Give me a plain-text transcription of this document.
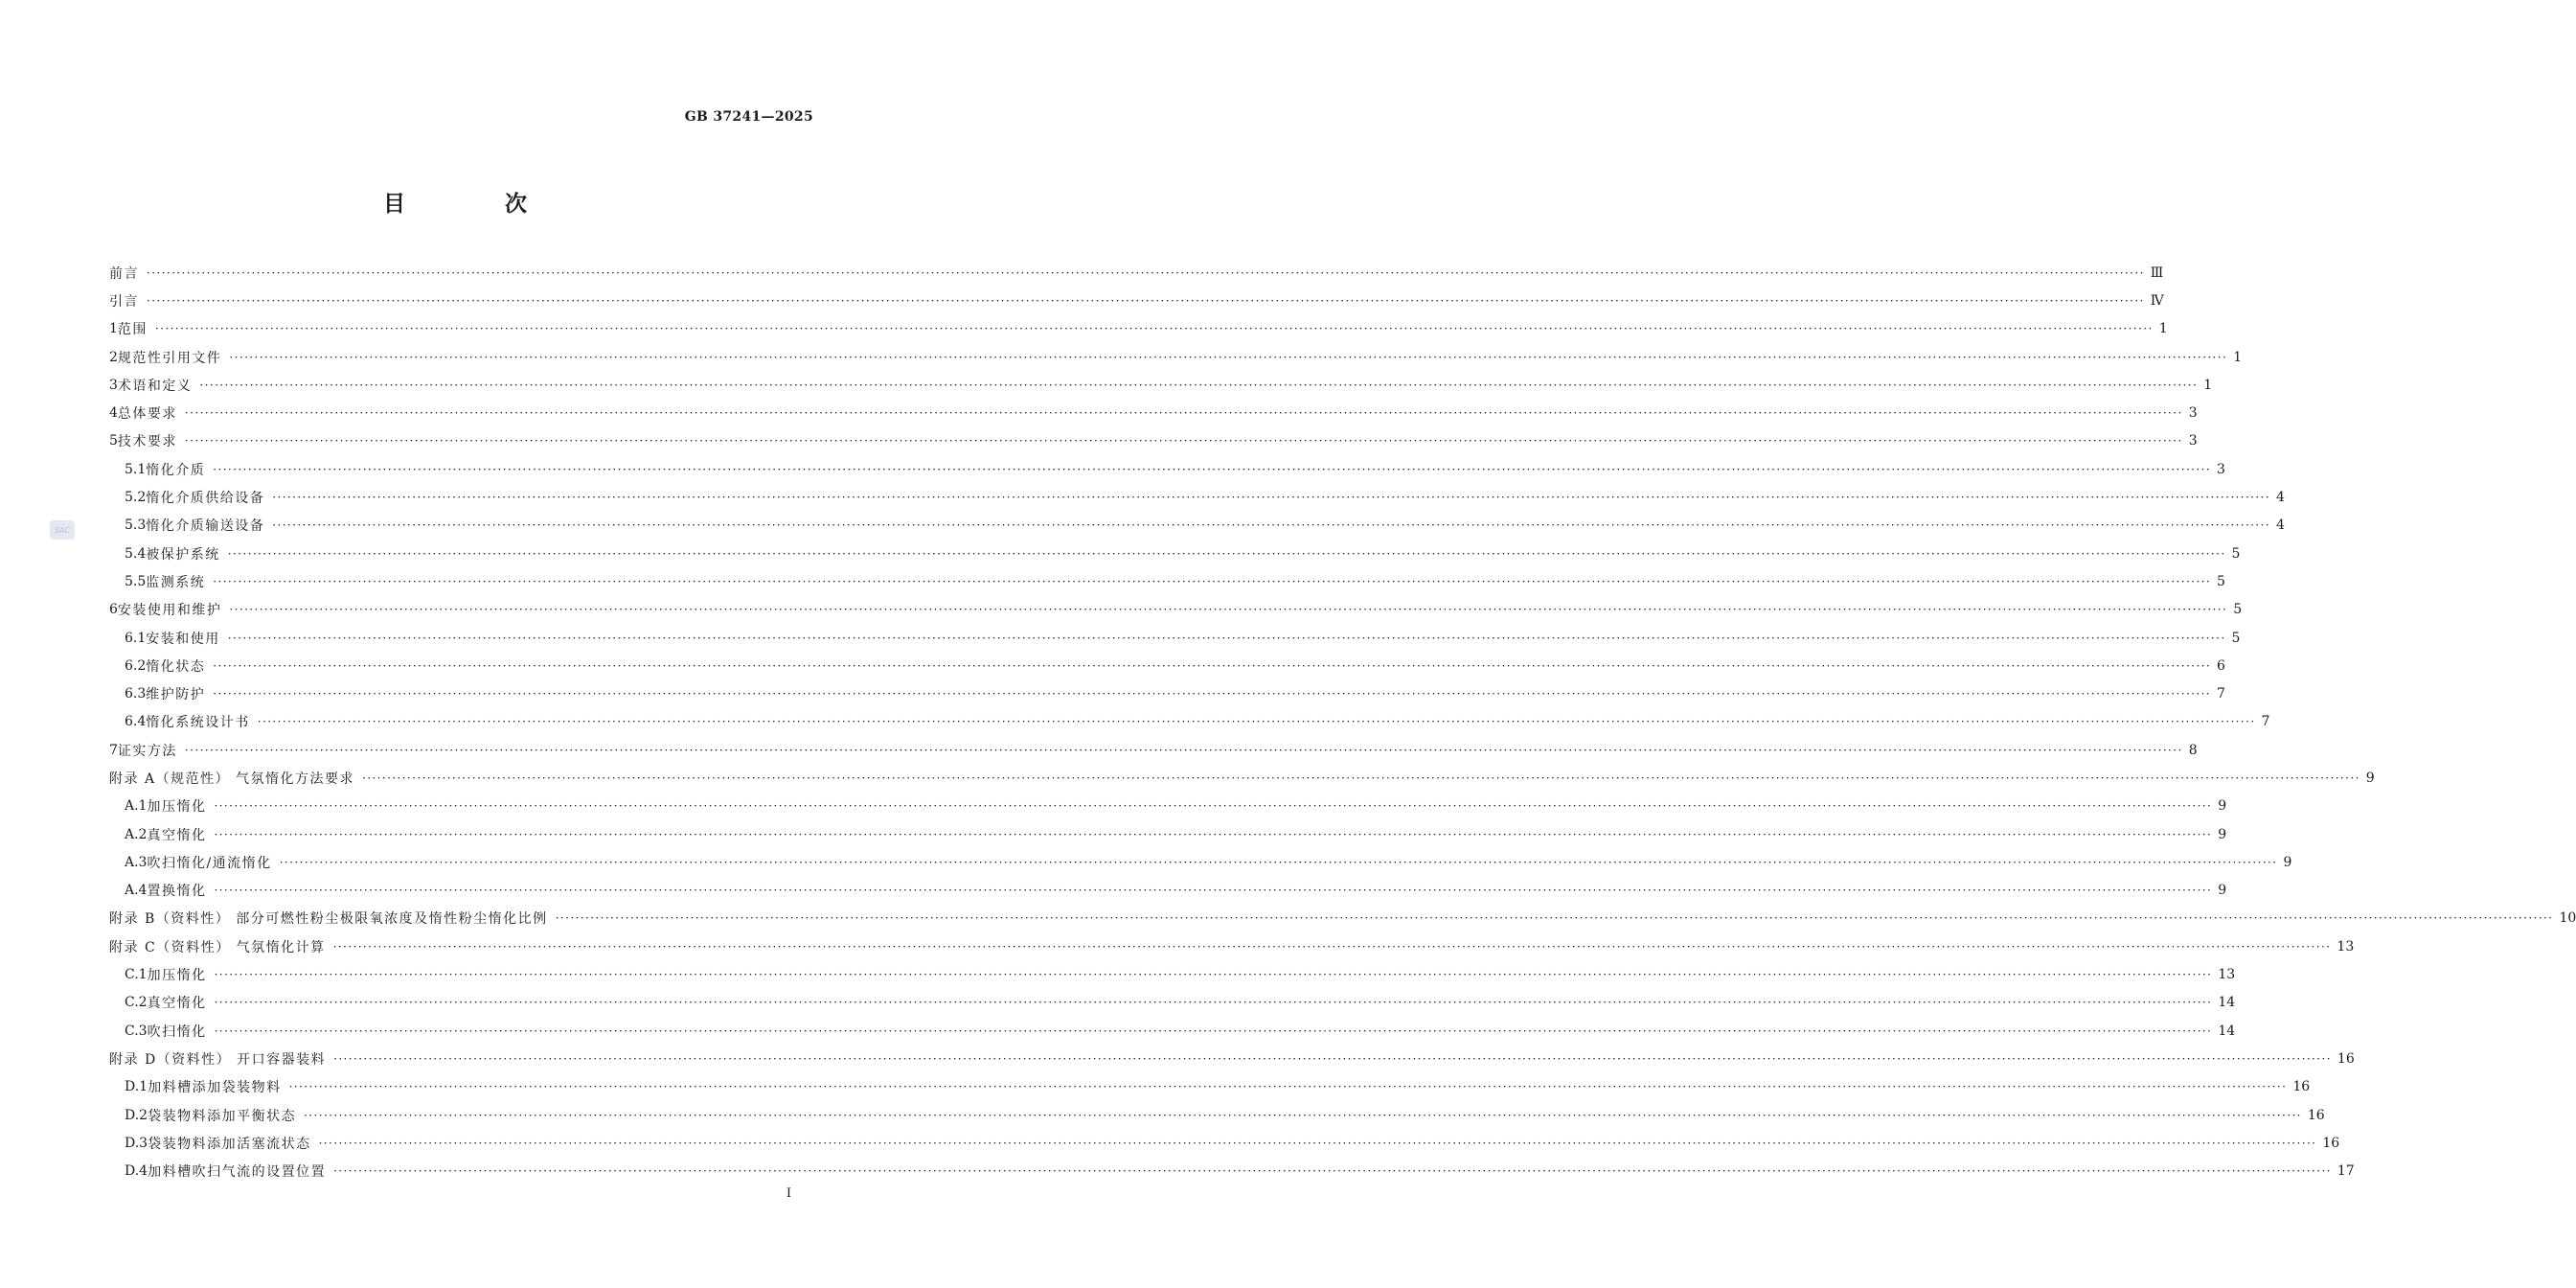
GB 37241—2025
目 次
SAC
前言 ················································································································································································································································································································································································································ Ⅲ
引言 ················································································································································································································································································································································································································ Ⅳ
1 范围 ················································································································································································································································································································································································································ 1
2 规范性引用文件 ················································································································································································································································································································································································································ 1
3 术语和定义 ················································································································································································································································································································································································································ 1
4 总体要求 ················································································································································································································································································································································································································ 3
5 技术要求 ················································································································································································································································································································································································································ 3
5.1 惰化介质 ················································································································································································································································································································································································································ 3
5.2 惰化介质供给设备 ················································································································································································································································································································································································································ 4
5.3 惰化介质输送设备 ················································································································································································································································································································································································································ 4
5.4 被保护系统 ················································································································································································································································································································································································································ 5
5.5 监测系统 ················································································································································································································································································································································································································ 5
6 安装使用和维护 ················································································································································································································································································································································································································ 5
6.1 安装和使用 ················································································································································································································································································································································································································ 5
6.2 惰化状态 ················································································································································································································································································································································································································ 6
6.3 维护防护 ················································································································································································································································································································································································································ 7
6.4 惰化系统设计书 ················································································································································································································································································································································································································ 7
7 证实方法 ················································································································································································································································································································································································································ 8
附录 A（规范性） 气氛惰化方法要求 ················································································································································································································································································································································································································ 9
A.1 加压惰化 ················································································································································································································································································································································································································ 9
A.2 真空惰化 ················································································································································································································································································································································································································ 9
A.3 吹扫惰化/通流惰化 ················································································································································································································································································································································································································ 9
A.4 置换惰化 ················································································································································································································································································································································································································ 9
附录 B（资料性） 部分可燃性粉尘极限氧浓度及惰性粉尘惰化比例 ················································································································································································································································································································································································································ 10
附录 C（资料性） 气氛惰化计算 ················································································································································································································································································································································································································ 13
C.1 加压惰化 ················································································································································································································································································································································································································ 13
C.2 真空惰化 ················································································································································································································································································································································································································ 14
C.3 吹扫惰化 ················································································································································································································································································································································································································ 14
附录 D（资料性） 开口容器装料 ················································································································································································································································································································································································································ 16
D.1 加料槽添加袋装物料 ················································································································································································································································································································································································································ 16
D.2 袋装物料添加平衡状态 ················································································································································································································································································································································································································ 16
D.3 袋装物料添加活塞流状态 ················································································································································································································································································································································································································ 16
D.4 加料槽吹扫气流的设置位置 ················································································································································································································································································································································································································ 17
I
